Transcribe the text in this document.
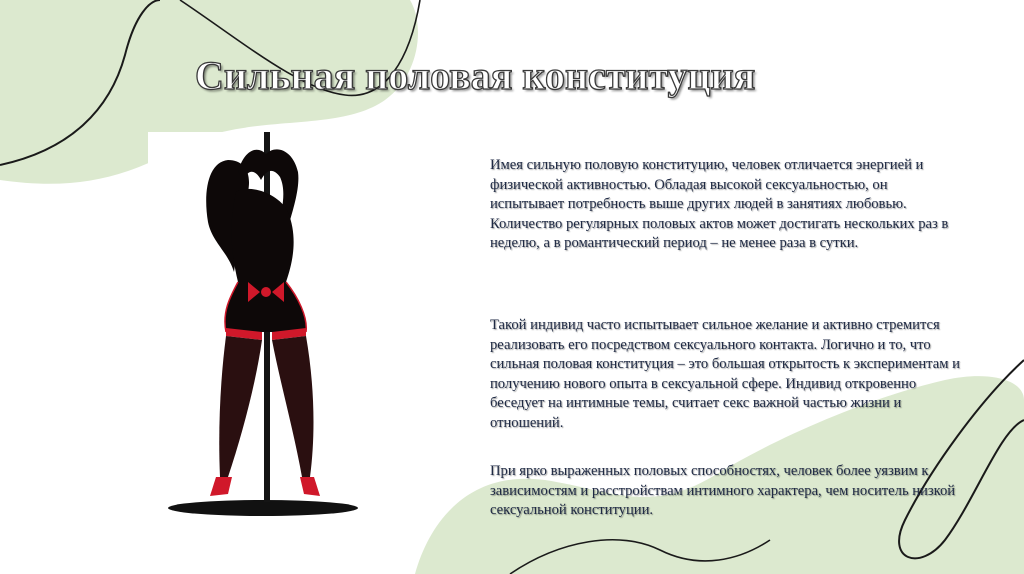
Сильная половая конституция

Имея сильную половую конституцию, человек отличается энергией и физической активностью. Обладая высокой сексуальностью, он испытывает потребность выше других людей в занятиях любовью. Количество регулярных половых актов может достигать нескольких раз в неделю, а в романтический период – не менее раза в сутки.

Такой индивид часто испытывает сильное желание и активно стремится реализовать его посредством сексуального контакта. Логично и то, что сильная половая конституция – это большая открытость к экспериментам и получению нового опыта в сексуальной сфере. Индивид откровенно беседует на интимные темы, считает секс важной частью жизни и отношений.

При ярко выраженных половых способностях, человек более уязвим к зависимостям и расстройствам интимного характера, чем носитель низкой сексуальной конституции.
